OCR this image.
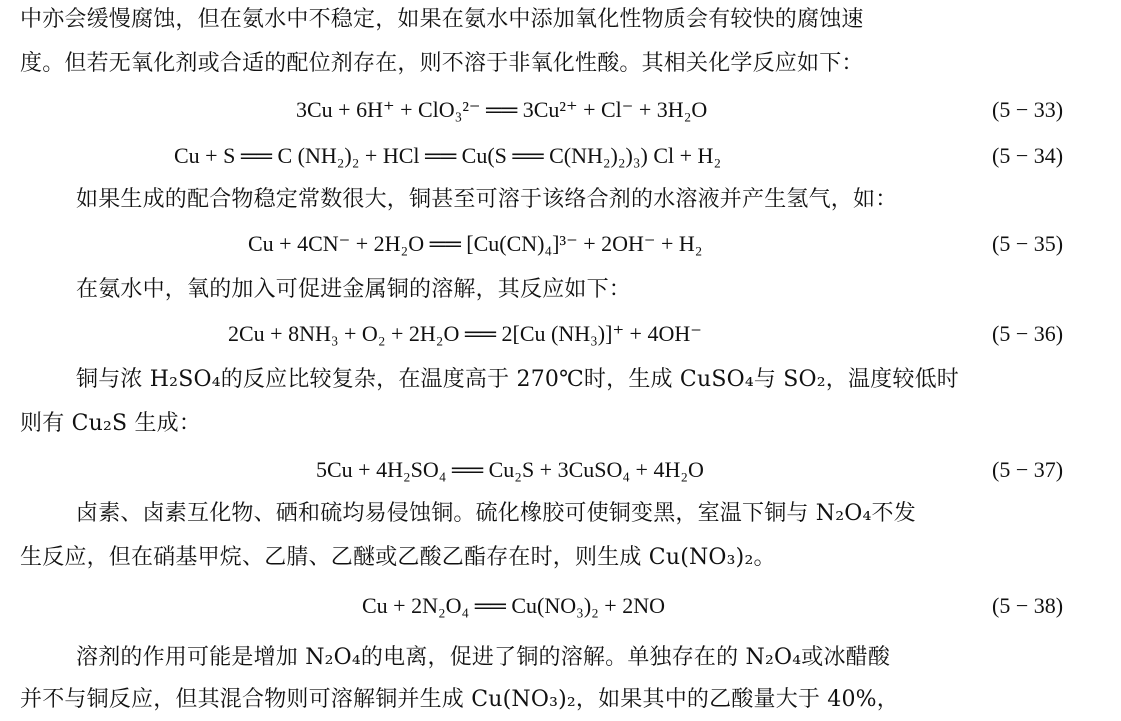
中亦会缓慢腐蚀，但在氨水中不稳定，如果在氨水中添加氧化性物质会有较快的腐蚀速
度。但若无氧化剂或合适的配位剂存在，则不溶于非氧化性酸。其相关化学反应如下：
3Cu + 6H⁺ + ClO₃²⁻ ══ 3Cu²⁺ + Cl⁻ + 3H₂O	(5 − 33)
Cu + S ══ C (NH₂)₂ + HCl ══ Cu(S ══ C(NH₂)₂)₃) Cl + H₂	(5 − 34)
如果生成的配合物稳定常数很大，铜甚至可溶于该络合剂的水溶液并产生氢气，如：
Cu + 4CN⁻ + 2H₂O ══ [Cu(CN)₄]³⁻ + 2OH⁻ + H₂	(5 − 35)
在氨水中，氧的加入可促进金属铜的溶解，其反应如下：
2Cu + 8NH₃ + O₂ + 2H₂O ══ 2[Cu (NH₃)]⁺ + 4OH⁻	(5 − 36)
铜与浓 H₂SO₄的反应比较复杂，在温度高于 270℃时，生成 CuSO₄与 SO₂，温度较低时
则有 Cu₂S 生成：
5Cu + 4H₂SO₄ ══ Cu₂S + 3CuSO₄ + 4H₂O	(5 − 37)
卤素、卤素互化物、硒和硫均易侵蚀铜。硫化橡胶可使铜变黑，室温下铜与 N₂O₄不发
生反应，但在硝基甲烷、乙腈、乙醚或乙酸乙酯存在时，则生成 Cu(NO₃)₂。
Cu + 2N₂O₄ ══ Cu(NO₃)₂ + 2NO	(5 − 38)
溶剂的作用可能是增加 N₂O₄的电离，促进了铜的溶解。单独存在的 N₂O₄或冰醋酸
并不与铜反应，但其混合物则可溶解铜并生成 Cu(NO₃)₂，如果其中的乙酸量大于 40%，
